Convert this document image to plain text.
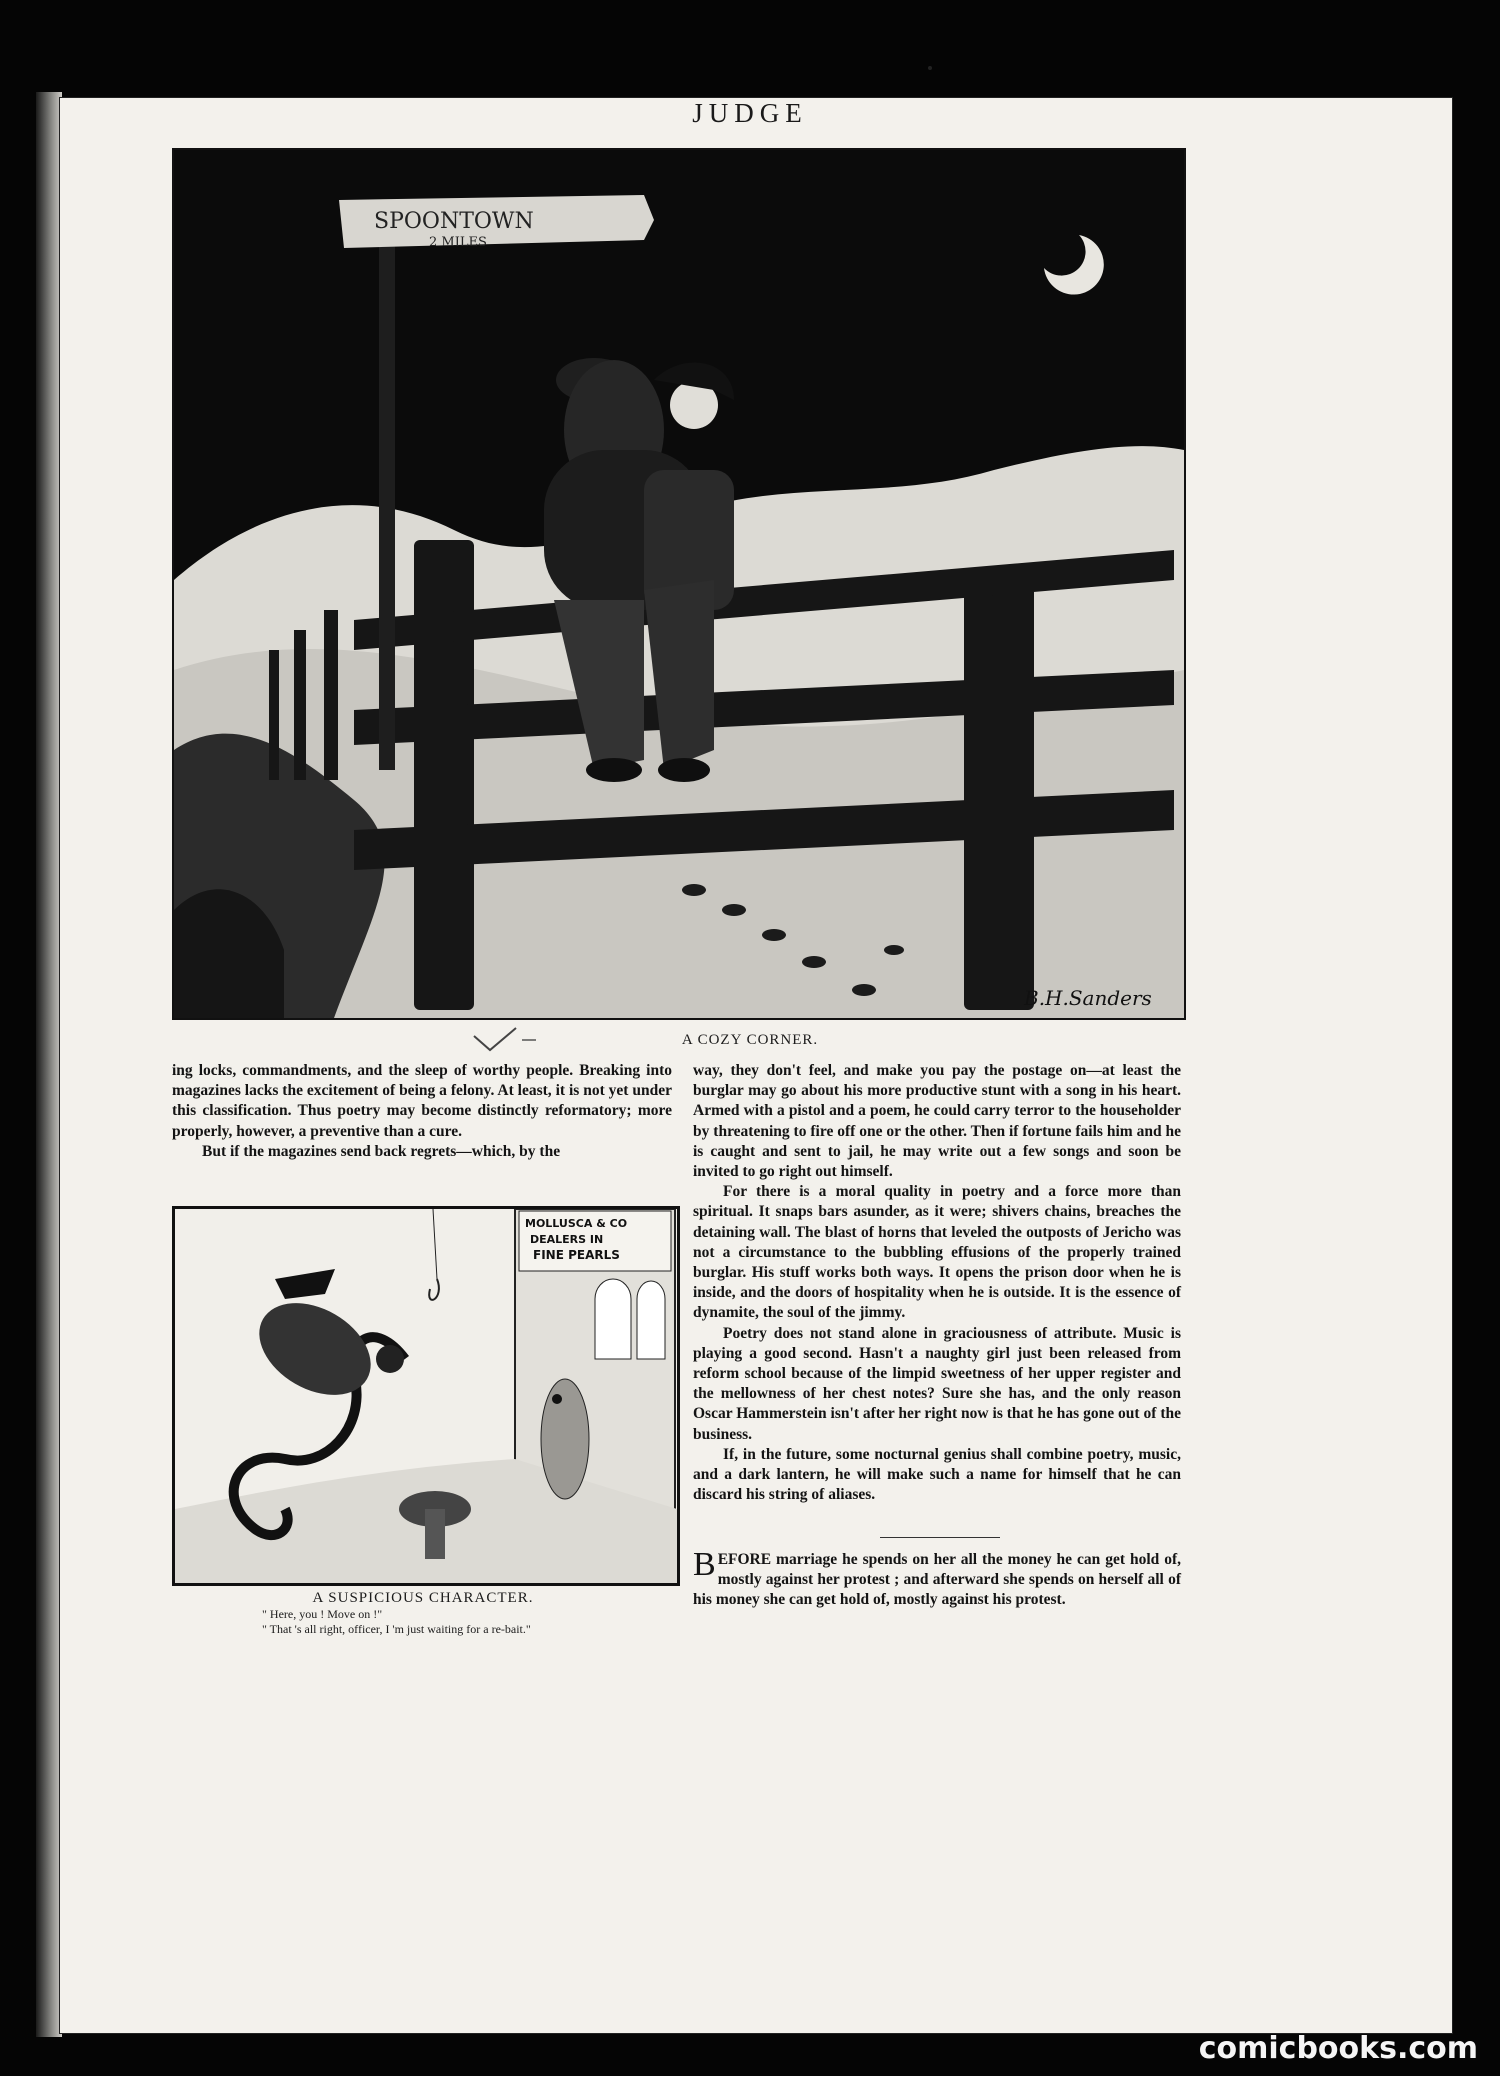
JUDGE
SPOONTOWN
2 MILES
B.H.Sanders
A COZY CORNER.

ing locks, commandments, and the sleep of worthy people. Breaking into magazines lacks the excitement of being a felony. At least, it is not yet under this classification. Thus poetry may become distinctly reformatory; more properly, however, a preventive than a cure.

But if the magazines send back regrets—which, by the

MOLLUSCA & CO
DEALERS IN
FINE PEARLS
A SUSPICIOUS CHARACTER.
" Here, you ! Move on !"
" That 's all right, officer, I 'm just waiting for a re-bait."

way, they don't feel, and make you pay the postage on—at least the burglar may go about his more productive stunt with a song in his heart. Armed with a pistol and a poem, he could carry terror to the householder by threatening to fire off one or the other. Then if fortune fails him and he is caught and sent to jail, he may write out a few songs and soon be invited to go right out himself.

For there is a moral quality in poetry and a force more than spiritual. It snaps bars asunder, as it were; shivers chains, breaches the detaining wall. The blast of horns that leveled the outposts of Jericho was not a circumstance to the bubbling effusions of the properly trained burglar. His stuff works both ways. It opens the prison door when he is inside, and the doors of hospitality when he is outside. It is the essence of dynamite, the soul of the jimmy.

Poetry does not stand alone in graciousness of attribute. Music is playing a good second. Hasn't a naughty girl just been released from reform school because of the limpid sweetness of her upper register and the mellowness of her chest notes? Sure she has, and the only reason Oscar Hammerstein isn't after her right now is that he has gone out of the business.

If, in the future, some nocturnal genius shall combine poetry, music, and a dark lantern, he will make such a name for himself that he can discard his string of aliases.

BEFORE marriage he spends on her all the money he can get hold of, mostly against her protest ; and afterward she spends on herself all of his money she can get hold of, mostly against his protest.
comicbooks.com
